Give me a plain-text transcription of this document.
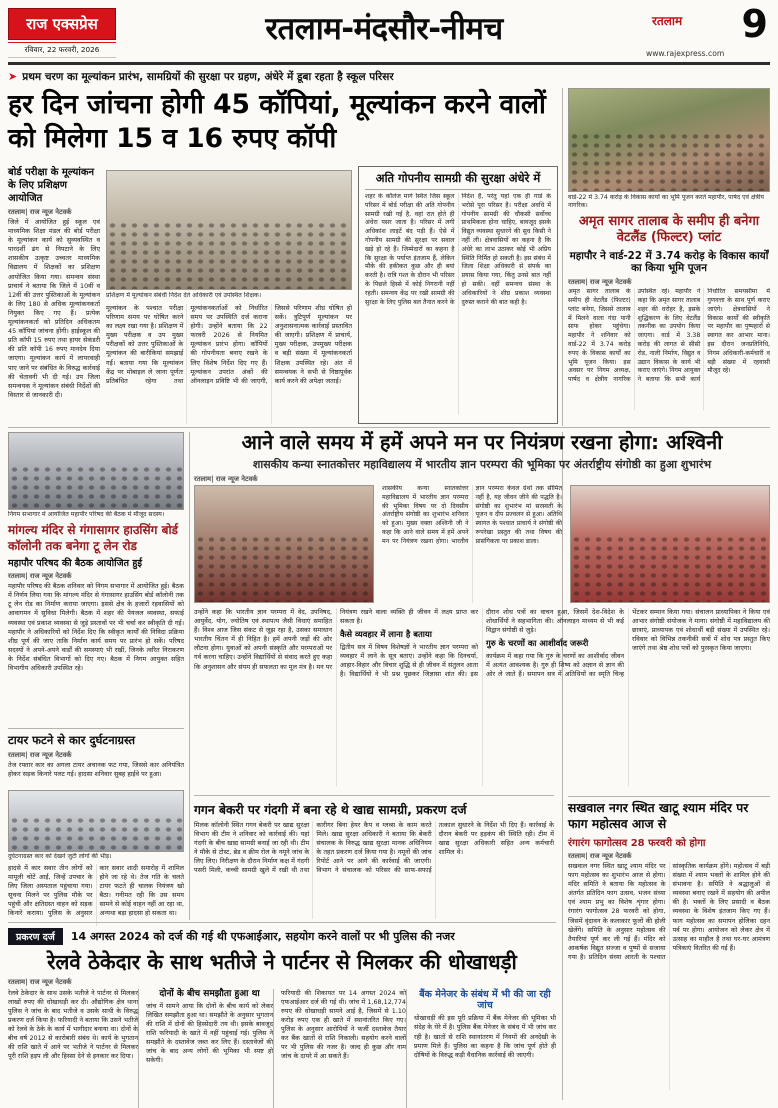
राज एक्सप्रेस
रविवार, 22 फरवरी, 2026
रतलाम-मंदसौर-नीमच	रतलाम 9
www.rajexpress.com
➤ प्रथम चरण का मूल्यांकन प्रारंभ, सामग्रियों की सुरक्षा पर ग्रहण, अंधेरे में डूबा रहता है स्कूल परिसर
हर दिन जांचना होगी 45 कॉपियां, मूल्यांकन करने वालों को मिलेगा 15 व 16 रुपए कॉपी
वार्ड-22 में 3.74 करोड़ के विकास कार्यों का भूमि पूजन करते महापौर, पार्षद एवं क्षेत्रीय नागरिक।
अमृत सागर तालाब के समीप ही बनेगा वेटलैंड (फिल्टर) प्लांट
महापौर ने वार्ड-22 में 3.74 करोड़ के विकास कार्यों का किया भूमि पूजन
रतलाम| राज न्यूज नेटवर्क
अमृत सागर तालाब के समीप ही वेटलैंड (फिल्टर) प्लांट बनेगा, जिससे तालाब में मिलने वाला गंदा पानी साफ होकर पहुंचेगा। महापौर ने शनिवार को वार्ड-22 में 3.74 करोड़ रुपए के विकास कार्यों का भूमि पूजन किया। इस अवसर पर निगम अध्यक्ष, पार्षद व क्षेत्रीय नागरिक उपस्थित रहे। महापौर ने कहा कि अमृत सागर तालाब शहर की धरोहर है, इसके शुद्धिकरण के लिए वेटलैंड तकनीक का उपयोग किया जाएगा। वार्ड में 3.38 करोड़ की लागत से सीसी रोड, नाली निर्माण, विद्युत व उद्यान विकास के कार्य भी कराए जाएंगे। निगम आयुक्त ने बताया कि सभी कार्य निर्धारित समयसीमा में गुणवत्ता के साथ पूर्ण कराए जाएंगे। क्षेत्रवासियों ने विकास कार्यों की स्वीकृति पर महापौर का पुष्पहारों से स्वागत कर आभार माना। इस दौरान जनप्रतिनिधि, निगम अधिकारी-कर्मचारी व बड़ी संख्या में रहवासी मौजूद रहे।
बोर्ड परीक्षा के मूल्यांकन के लिए प्रशिक्षण आयोजित
रतलाम| राज न्यूज नेटवर्क
जिले में आयोजित हुई स्कूल एवं माध्यमिक शिक्षा मंडल की बोर्ड परीक्षा के मूल्यांकन कार्य को सुव्यवस्थित व पारदर्शी ढंग से निपटाने के लिए शासकीय उत्कृष्ट उच्चतर माध्यमिक विद्यालय में शिक्षकों का प्रशिक्षण आयोजित किया गया। समन्वय संस्था प्राचार्य ने बताया कि जिले में 10वीं व 12वीं की उत्तर पुस्तिकाओं के मूल्यांकन के लिए 180 से अधिक मूल्यांकनकर्ता नियुक्त किए गए हैं। प्रत्येक मूल्यांकनकर्ता को प्रतिदिन अधिकतम 45 कॉपियां जांचना होंगी। हाईस्कूल की प्रति कॉपी 15 रुपए तथा हायर सेकंडरी की प्रति कॉपी 16 रुपए मानदेय दिया जाएगा। मूल्यांकन कार्य में लापरवाही पाए जाने पर संबंधित के विरुद्ध कार्रवाई की चेतावनी भी दी गई। उप जिला समन्वयक ने मूल्यांकन संबंधी निर्देशों की विस्तार से जानकारी दी।
प्रशिक्षण में मूल्यांकन संबंधी निर्देश देते अधिकारी एवं उपस्थित शिक्षक।
मूल्यांकन के पश्चात परीक्षा परिणाम समय पर घोषित करने का लक्ष्य रखा गया है। प्रशिक्षण में मुख्य परीक्षक व उप मुख्य परीक्षकों को उत्तर पुस्तिकाओं के मूल्यांकन की बारीकियां समझाई गईं। बताया गया कि मूल्यांकन केंद्र पर मोबाइल ले जाना पूर्णतः प्रतिबंधित रहेगा तथा मूल्यांकनकर्ताओं को निर्धारित समय पर उपस्थिति दर्ज कराना होगी। उन्होंने बताया कि 22 फरवरी 2026 से नियमित मूल्यांकन प्रारंभ होगा। कॉपियों की गोपनीयता बनाए रखने के लिए विशेष निर्देश दिए गए हैं। मूल्यांकन उपरांत अंकों की ऑनलाइन प्रविष्टि भी की जाएगी, जिससे परिणाम शीघ्र घोषित हो सकें। त्रुटिपूर्ण मूल्यांकन पर अनुशासनात्मक कार्रवाई प्रस्तावित की जाएगी। प्रशिक्षण में प्राचार्य, मुख्य परीक्षक, उपमुख्य परीक्षक व बड़ी संख्या में मूल्यांकनकर्ता शिक्षक उपस्थित रहे। अंत में समन्वयक ने सभी से निष्ठापूर्वक कार्य करने की अपेक्षा जताई।
अति गोपनीय सामग्री की सुरक्षा अंधेरे में
शहर के कॉलेज मार्ग स्थित जिस स्कूल परिसर में बोर्ड परीक्षा की अति गोपनीय सामग्री रखी गई है, वहां रात होते ही अंधेरा पसर जाता है। परिसर में लगी अधिकांश लाइटें बंद पड़ी हैं। ऐसे में गोपनीय सामग्री की सुरक्षा पर सवाल खड़े हो रहे हैं। जिम्मेदारों का कहना है कि सुरक्षा के पर्याप्त इंतजाम हैं, लेकिन मौके की हकीकत कुछ और ही बयां करती है। रात्रि गश्त के दौरान भी परिसर के पिछले हिस्से में कोई निगरानी नहीं रहती। समन्वय केंद्र पर रखी सामग्री की सुरक्षा के लिए पुलिस बल तैनात करने के निर्देश हैं, परंतु यहां एक ही गार्ड के भरोसे पूरा परिसर है। परीक्षा अवधि में गोपनीय सामग्री की चौकसी सर्वोच्च प्राथमिकता होना चाहिए, बावजूद इसके विद्युत व्यवस्था सुधारने की सुध किसी ने नहीं ली। क्षेत्रवासियों का कहना है कि अंधेरे का लाभ उठाकर कोई भी अप्रिय स्थिति निर्मित हो सकती है। इस संबंध में जिला शिक्षा अधिकारी से संपर्क का प्रयास किया गया, किंतु उनसे बात नहीं हो सकी। वहीं समन्वय संस्था के अधिकारियों ने शीघ्र प्रकाश व्यवस्था दुरुस्त कराने की बात कही है।
निगम सभागार में आयोजित महापौर परिषद की बैठक में मौजूद सदस्य।
मांगल्य मंदिर से गंगासागर हाउसिंग बोर्ड कॉलोनी तक बनेगा टू लेन रोड
महापौर परिषद की बैठक आयोजित हुई
रतलाम| राज न्यूज नेटवर्क
महापौर परिषद की बैठक शनिवार को निगम सभागार में आयोजित हुई। बैठक में निर्णय लिया गया कि मांगल्य मंदिर से गंगासागर हाउसिंग बोर्ड कॉलोनी तक टू लेन रोड का निर्माण कराया जाएगा। इससे क्षेत्र के हजारों रहवासियों को आवागमन में सुविधा मिलेगी। बैठक में शहर की पेयजल व्यवस्था, सफाई व्यवस्था एवं प्रकाश व्यवस्था से जुड़े प्रस्तावों पर भी चर्चा कर स्वीकृति दी गई। महापौर ने अधिकारियों को निर्देश दिए कि स्वीकृत कार्यों की निविदा प्रक्रिया शीघ्र पूर्ण की जाए ताकि निर्माण कार्य समय पर प्रारंभ हो सकें। परिषद सदस्यों ने अपने-अपने वार्डों की समस्याएं भी रखीं, जिनके त्वरित निराकरण के निर्देश संबंधित विभागों को दिए गए। बैठक में निगम आयुक्त सहित विभागीय अधिकारी उपस्थित रहे।
टायर फटने से कार दुर्घटनाग्रस्त
रतलाम| राज न्यूज नेटवर्क
तेज रफ्तार कार का अगला टायर अचानक फट गया, जिससे कार अनियंत्रित होकर सड़क किनारे पलट गई। हादसा शनिवार सुबह हाईवे पर हुआ।
दुर्घटनाग्रस्त कार को देखने जुटी लोगों की भीड़।
हादसे में कार सवार तीन लोगों को मामूली चोटें आईं, जिन्हें उपचार के लिए जिला अस्पताल पहुंचाया गया। सूचना मिलने पर पुलिस मौके पर पहुंची और क्षतिग्रस्त वाहन को सड़क किनारे कराया। पुलिस के अनुसार कार सवार शादी समारोह में शामिल होने जा रहे थे। तेज गति के चलते टायर फटते ही चालक नियंत्रण खो बैठा। गनीमत रही कि उस समय सामने से कोई वाहन नहीं आ रहा था, अन्यथा बड़ा हादसा हो सकता था।
आने वाले समय में हमें अपने मन पर नियंत्रण रखना होगा: अश्विनी
शासकीय कन्या स्नातकोत्तर महाविद्यालय में भारतीय ज्ञान परम्परा की भूमिका पर अंतर्राष्ट्रीय संगोष्ठी का हुआ शुभारंभ
रतलाम| राज न्यूज नेटवर्क
शासकीय कन्या स्नातकोत्तर महाविद्यालय में भारतीय ज्ञान परम्परा की भूमिका विषय पर दो दिवसीय अंतर्राष्ट्रीय संगोष्ठी का शुभारंभ शनिवार को हुआ। मुख्य वक्ता अश्विनी जी ने कहा कि आने वाले समय में हमें अपने मन पर नियंत्रण रखना होगा। भारतीय ज्ञान परम्परा केवल ग्रंथों तक सीमित नहीं है, यह जीवन जीने की पद्धति है। संगोष्ठी का शुभारंभ मां सरस्वती के पूजन व दीप प्रज्वलन से हुआ। अतिथि स्वागत के पश्चात प्राचार्य ने संगोष्ठी की रूपरेखा प्रस्तुत की तथा विषय की प्रासंगिकता पर प्रकाश डाला।

उन्होंने कहा कि भारतीय ज्ञान परम्परा में वेद, उपनिषद, आयुर्वेद, योग, ज्योतिष एवं स्थापत्य जैसी विधाएं समाहित हैं। विश्व आज जिस संकट से जूझ रहा है, उसका समाधान भारतीय चिंतन में ही निहित है। हमें अपनी जड़ों की ओर लौटना होगा। युवाओं को अपनी संस्कृति और परम्पराओं पर गर्व करना चाहिए। उन्होंने विद्यार्थियों से संवाद करते हुए कहा कि अनुशासन और संयम ही सफलता का मूल मंत्र है। मन पर नियंत्रण रखने वाला व्यक्ति ही जीवन में लक्ष्य प्राप्त कर सकता है।

कैसे व्यवहार में लाना है बताया

द्वितीय सत्र में विषय विशेषज्ञों ने भारतीय ज्ञान परम्परा को व्यवहार में लाने के सूत्र बताए। उन्होंने कहा कि दिनचर्या, आहार-विहार और विचार शुद्धि से ही जीवन में संतुलन आता है। विद्यार्थियों ने भी प्रश्न पूछकर जिज्ञासा शांत की। इस दौरान शोध पत्रों का वाचन हुआ, जिसमें देश-विदेश के शोधार्थियों ने सहभागिता की। ऑनलाइन माध्यम से भी कई विद्वान संगोष्ठी से जुड़े।

गुरु के चरणों का आशीर्वाद जरूरी

कार्यक्रम में कहा गया कि गुरु के चरणों का आशीर्वाद जीवन में अत्यंत आवश्यक है। गुरु ही शिष्य को अज्ञान से ज्ञान की ओर ले जाते हैं। समापन सत्र में अतिथियों का स्मृति चिन्ह भेंटकर सम्मान किया गया। संचालन प्राध्यापिका ने किया एवं आभार संगोष्ठी संयोजक ने माना। संगोष्ठी में महाविद्यालय की छात्राएं, प्राध्यापक एवं शोधार्थी बड़ी संख्या में उपस्थित रहे। रविवार को विभिन्न तकनीकी सत्रों में शोध पत्र प्रस्तुत किए जाएंगे तथा श्रेष्ठ शोध पत्रों को पुरस्कृत किया जाएगा।

गगन बेकरी पर गंदगी में बना रहे थे खाद्य सामग्री, प्रकरण दर्ज
मिलक कॉलोनी स्थित गगन बेकरी पर खाद्य सुरक्षा विभाग की टीम ने शनिवार को कार्रवाई की। यहां गंदगी के बीच खाद्य सामग्री बनाई जा रही थी। टीम ने मौके से टोस्ट, ब्रेड व क्रीम रोल के नमूने जांच के लिए लिए। निरीक्षण के दौरान निर्माण कक्ष में गंदगी पसरी मिली, कच्ची सामग्री खुले में रखी थी तथा कारीगर बिना हेयर कैप व ग्लव्स के काम करते मिले। खाद्य सुरक्षा अधिकारी ने बताया कि बेकरी संचालक के विरुद्ध खाद्य सुरक्षा मानक अधिनियम के तहत प्रकरण दर्ज किया गया है। नमूनों की जांच रिपोर्ट आने पर आगे की कार्रवाई की जाएगी। विभाग ने संचालक को परिसर की साफ-सफाई तत्काल सुधारने के निर्देश भी दिए हैं। कार्रवाई के दौरान बेकरी पर हड़कंप की स्थिति रही। टीम में खाद्य सुरक्षा अधिकारी सहित अन्य कर्मचारी शामिल थे।
सखवाल नगर स्थित खाटू श्याम मंदिर पर फाग महोत्सव आज से
रंगारंग फागोत्सव 28 फरवरी को होगा
रतलाम| राज न्यूज नेटवर्क
सखवाल नगर स्थित खाटू श्याम मंदिर पर फाग महोत्सव का शुभारंभ आज से होगा। मंदिर समिति ने बताया कि महोत्सव के अंतर्गत प्रतिदिन फाग उत्सव, भजन संध्या एवं श्याम प्रभु का विशेष शृंगार होगा। रंगारंग फागोत्सव 28 फरवरी को होगा, जिसमें वृंदावन के कलाकार फूलों की होली खेलेंगे। समिति के अनुसार महोत्सव की तैयारियां पूर्ण कर ली गई हैं। मंदिर को आकर्षक विद्युत सज्जा व पुष्पों से सजाया गया है। प्रतिदिन संध्या आरती के पश्चात सांस्कृतिक कार्यक्रम होंगे। महोत्सव में बड़ी संख्या में श्याम भक्तों के शामिल होने की संभावना है। समिति ने श्रद्धालुओं से व्यवस्था बनाए रखने में सहयोग की अपील की है। भक्तों के लिए प्रसादी व बैठक व्यवस्था के विशेष इंतजाम किए गए हैं। फाग महोत्सव का समापन होलिका दहन पर्व पर होगा। आयोजन को लेकर क्षेत्र में उत्साह का माहौल है तथा घर-घर आमंत्रण पत्रिकाएं वितरित की गई हैं।
प्रकरण दर्ज	14 अगस्त 2024 को दर्ज की गई थी एफआईआर, सहयोग करने वालों पर भी पुलिस की नजर
रेलवे ठेकेदार के साथ भतीजे ने पार्टनर से मिलकर की धोखाधड़ी
रतलाम| राज न्यूज नेटवर्क
रेलवे ठेकेदार के साथ उसके भतीजे ने पार्टनर से मिलकर लाखों रुपए की धोखाधड़ी कर दी। औद्योगिक क्षेत्र थाना पुलिस ने जांच के बाद भतीजे व उसके साथी के विरुद्ध प्रकरण दर्ज किया है। फरियादी ने बताया कि उसने भतीजे को रेलवे के ठेके के कार्य में भागीदार बनाया था। दोनों के बीच वर्ष 2012 से कारोबारी संबंध थे। कार्य के भुगतान की राशि खाते में आने पर भतीजे ने पार्टनर से मिलकर पूरी राशि हड़प ली और हिस्सा देने से इनकार कर दिया।
दोनों के बीच समझौता हुआ था
जांच में सामने आया कि दोनों के बीच कार्य को लेकर लिखित समझौता हुआ था। समझौते के अनुसार भुगतान की राशि में दोनों की हिस्सेदारी तय थी। इसके बावजूद राशि फरियादी के खाते में नहीं पहुंचाई गई। पुलिस ने समझौते के दस्तावेज जब्त कर लिए हैं। दस्तावेजों की जांच के बाद अन्य लोगों की भूमिका भी स्पष्ट हो सकेगी।
फरियादी की शिकायत पर 14 अगस्त 2024 को एफआईआर दर्ज की गई थी। जांच में 1,68,12,774 रुपए की धोखाधड़ी सामने आई है, जिसमें से 1.10 करोड़ रुपए एक ही खाते में स्थानांतरित किए गए। पुलिस के अनुसार आरोपियों ने फर्जी दस्तावेज तैयार कर बैंक खातों से राशि निकाली। सहयोग करने वालों पर भी पुलिस की नजर है। जल्द ही कुछ और नाम जांच के दायरे में आ सकते हैं।
बैंक मेनेजर के संबंध में भी की जा रही जांच
धोखाधड़ी की इस पूरी प्रक्रिया में बैंक मेनेजर की भूमिका भी संदेह के घेरे में है। पुलिस बैंक मेनेजर के संबंध में भी जांच कर रही है। खातों से राशि स्थानांतरण में नियमों की अनदेखी के प्रमाण मिले हैं। पुलिस का कहना है कि जांच पूर्ण होते ही दोषियों के विरुद्ध कड़ी वैधानिक कार्रवाई की जाएगी।
